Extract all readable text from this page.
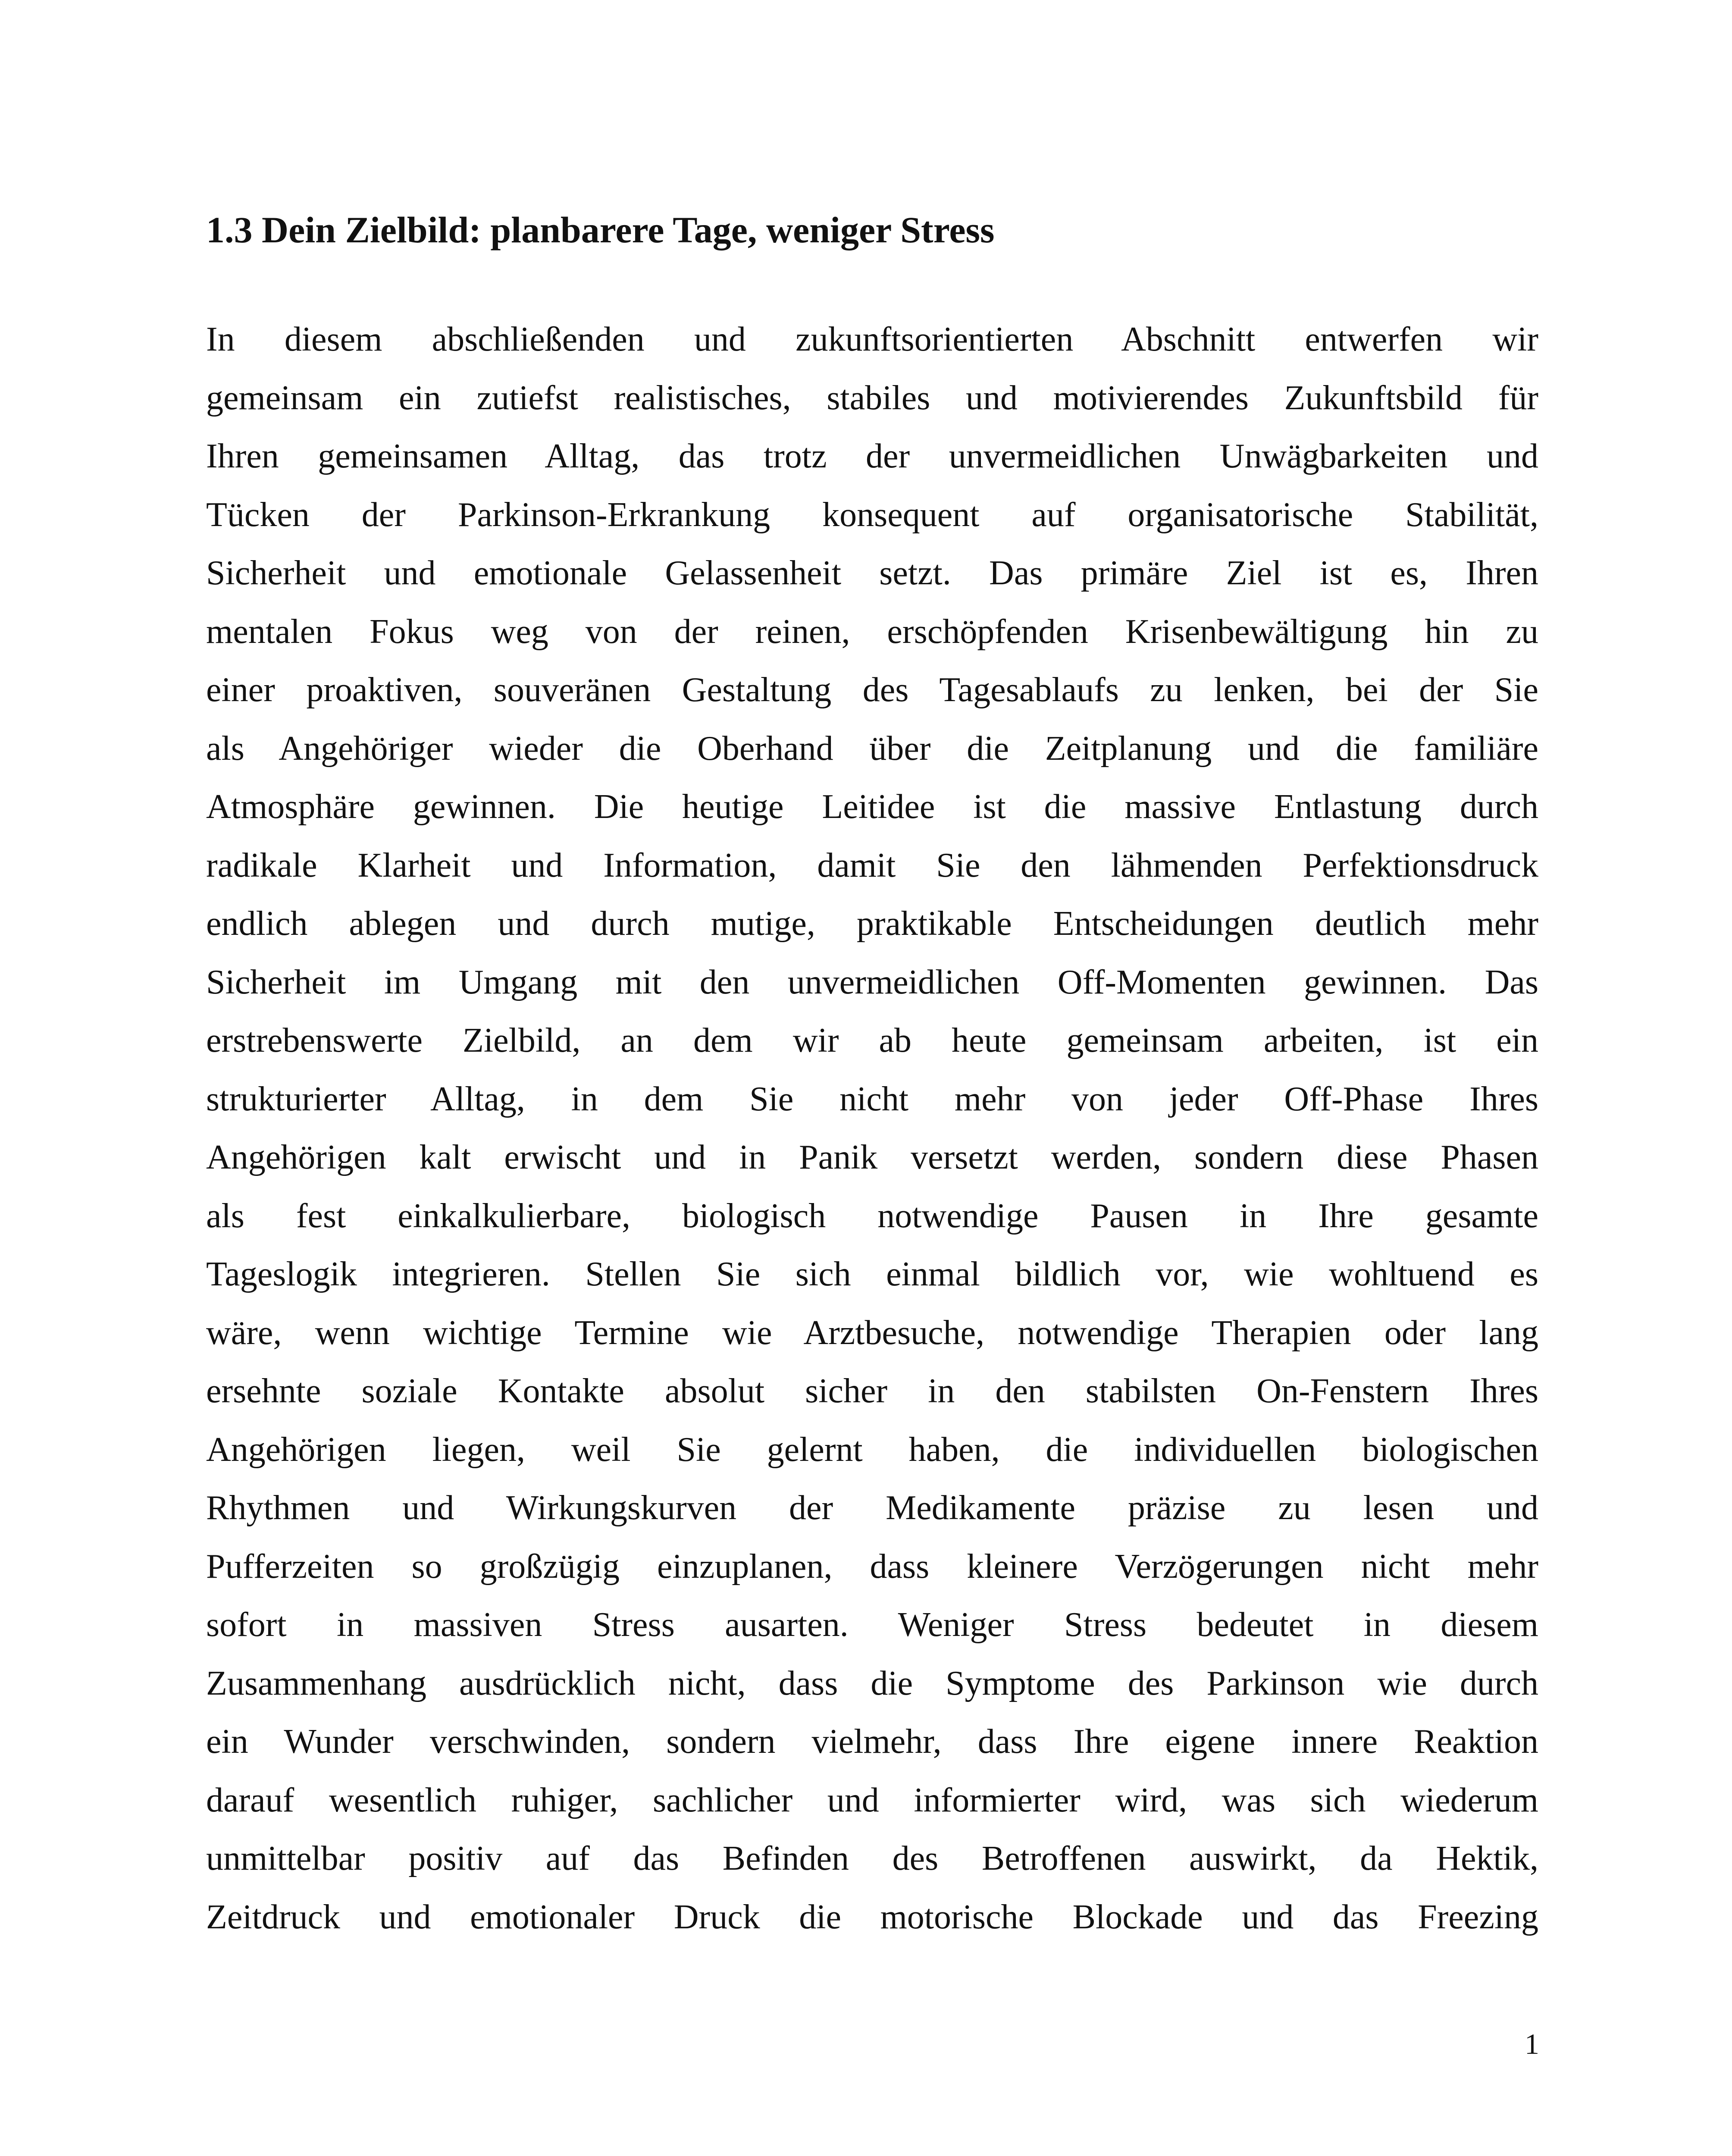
1.3 Dein Zielbild: planbarere Tage, weniger Stress
In diesem abschließenden und zukunftsorientierten Abschnitt entwerfen wir
gemeinsam ein zutiefst realistisches, stabiles und motivierendes Zukunftsbild für
Ihren gemeinsamen Alltag, das trotz der unvermeidlichen Unwägbarkeiten und
Tücken der Parkinson-Erkrankung konsequent auf organisatorische Stabilität,
Sicherheit und emotionale Gelassenheit setzt. Das primäre Ziel ist es, Ihren
mentalen Fokus weg von der reinen, erschöpfenden Krisenbewältigung hin zu
einer proaktiven, souveränen Gestaltung des Tagesablaufs zu lenken, bei der Sie
als Angehöriger wieder die Oberhand über die Zeitplanung und die familiäre
Atmosphäre gewinnen. Die heutige Leitidee ist die massive Entlastung durch
radikale Klarheit und Information, damit Sie den lähmenden Perfektionsdruck
endlich ablegen und durch mutige, praktikable Entscheidungen deutlich mehr
Sicherheit im Umgang mit den unvermeidlichen Off-Momenten gewinnen. Das
erstrebenswerte Zielbild, an dem wir ab heute gemeinsam arbeiten, ist ein
strukturierter Alltag, in dem Sie nicht mehr von jeder Off-Phase Ihres
Angehörigen kalt erwischt und in Panik versetzt werden, sondern diese Phasen
als fest einkalkulierbare, biologisch notwendige Pausen in Ihre gesamte
Tageslogik integrieren. Stellen Sie sich einmal bildlich vor, wie wohltuend es
wäre, wenn wichtige Termine wie Arztbesuche, notwendige Therapien oder lang
ersehnte soziale Kontakte absolut sicher in den stabilsten On-Fenstern Ihres
Angehörigen liegen, weil Sie gelernt haben, die individuellen biologischen
Rhythmen und Wirkungskurven der Medikamente präzise zu lesen und
Pufferzeiten so großzügig einzuplanen, dass kleinere Verzögerungen nicht mehr
sofort in massiven Stress ausarten. Weniger Stress bedeutet in diesem
Zusammenhang ausdrücklich nicht, dass die Symptome des Parkinson wie durch
ein Wunder verschwinden, sondern vielmehr, dass Ihre eigene innere Reaktion
darauf wesentlich ruhiger, sachlicher und informierter wird, was sich wiederum
unmittelbar positiv auf das Befinden des Betroffenen auswirkt, da Hektik,
Zeitdruck und emotionaler Druck die motorische Blockade und das Freezing
1
